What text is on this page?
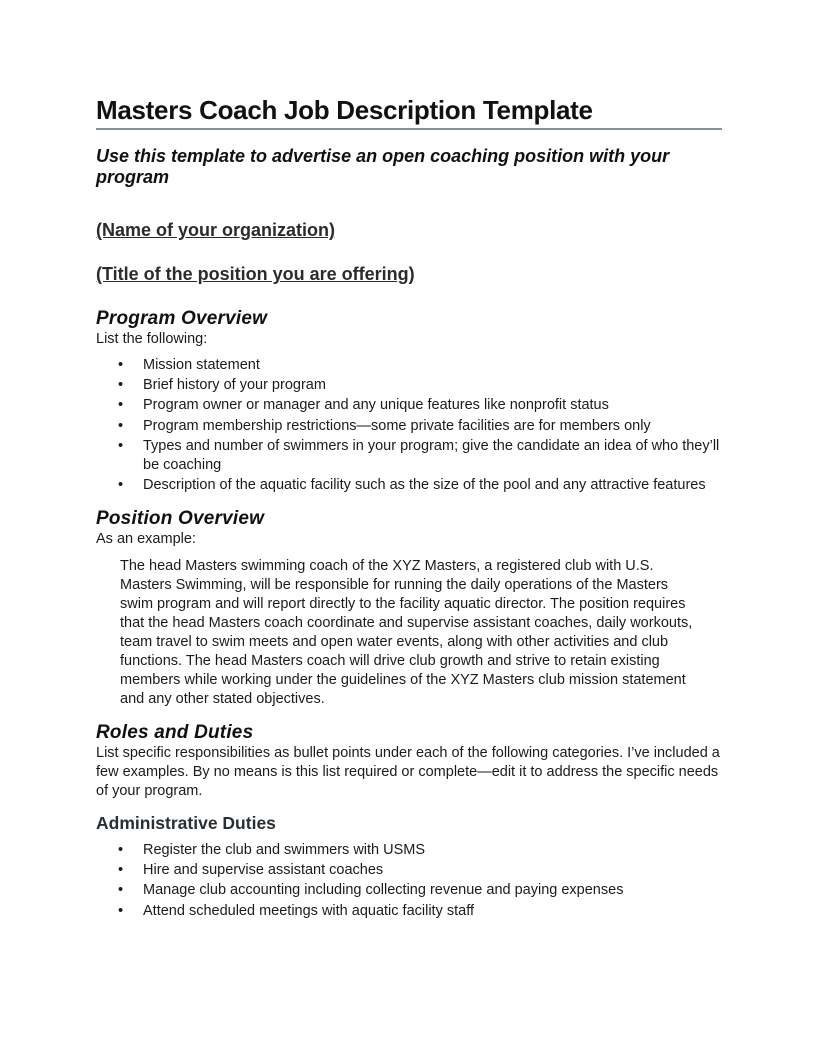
Masters Coach Job Description Template

Use this template to advertise an open coaching position with your program

(Name of your organization)

(Title of the position you are offering)

Program Overview

List the following:

• Mission statement
• Brief history of your program
• Program owner or manager and any unique features like nonprofit status
• Program membership restrictions—some private facilities are for members only
• Types and number of swimmers in your program; give the candidate an idea of who they’ll be coaching
• Description of the aquatic facility such as the size of the pool and any attractive features
Position Overview

As an example:

The head Masters swimming coach of the XYZ Masters, a registered club with U.S. Masters Swimming, will be responsible for running the daily operations of the Masters swim program and will report directly to the facility aquatic director. The position requires that the head Masters coach coordinate and supervise assistant coaches, daily workouts, team travel to swim meets and open water events, along with other activities and club functions. The head Masters coach will drive club growth and strive to retain existing members while working under the guidelines of the XYZ Masters club mission statement and any other stated objectives.

Roles and Duties

List specific responsibilities as bullet points under each of the following categories. I’ve included a few examples. By no means is this list required or complete—edit it to address the specific needs of your program.

Administrative Duties
• Register the club and swimmers with USMS
• Hire and supervise assistant coaches
• Manage club accounting including collecting revenue and paying expenses
• Attend scheduled meetings with aquatic facility staff
